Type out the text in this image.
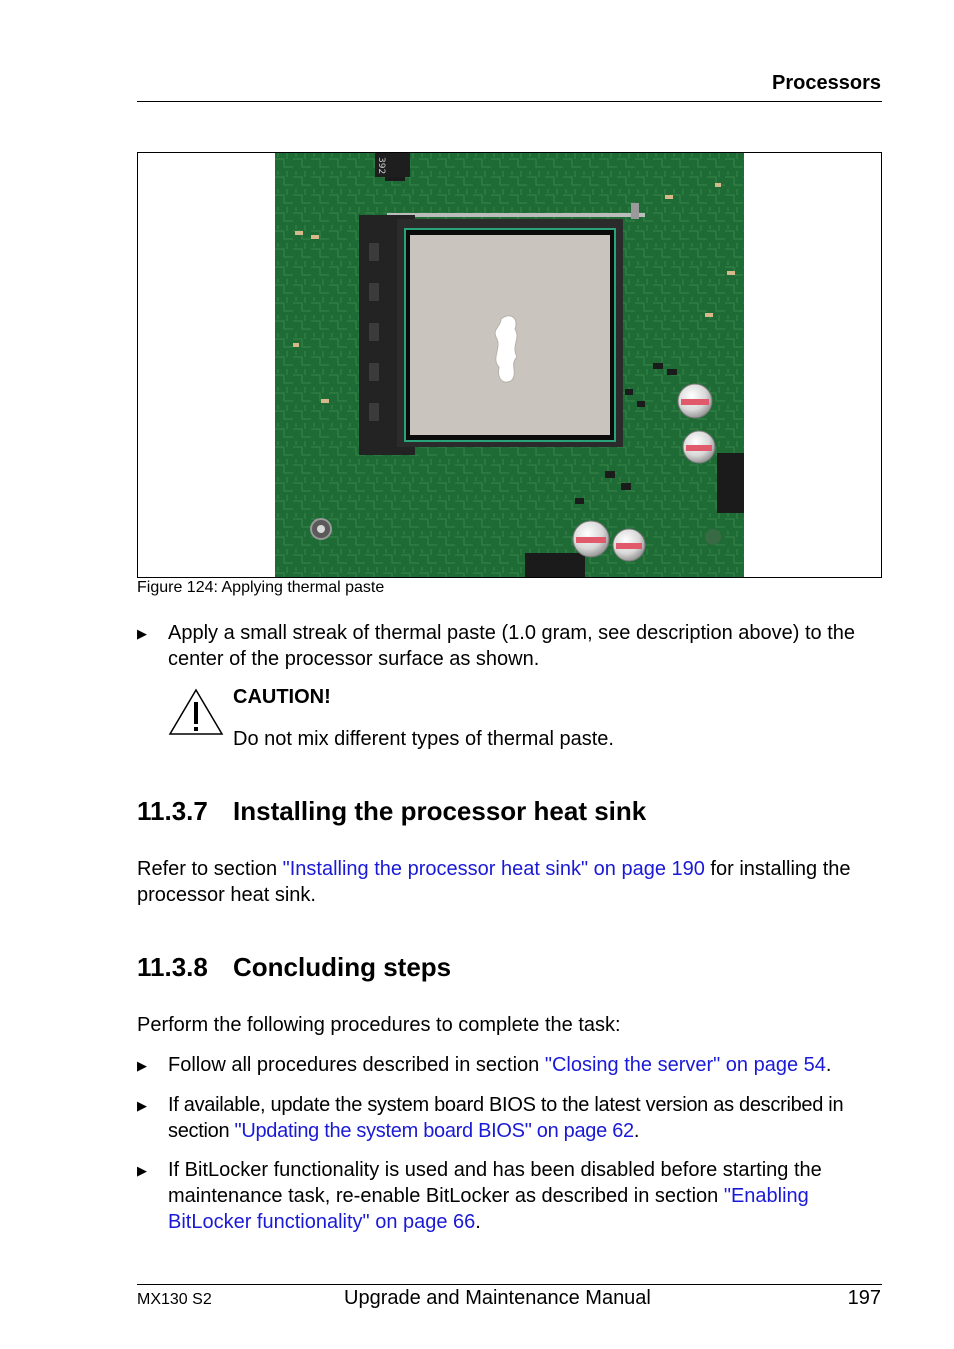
Processors
392
Figure 124: Applying thermal paste
▶ Apply a small streak of thermal paste (1.0 gram, see description above) to the center of the processor surface as shown.
CAUTION!
Do not mix different types of thermal paste.
11.3.7 Installing the processor heat sink
Refer to section "Installing the processor heat sink" on page 190 for installing the processor heat sink.
11.3.8 Concluding steps
Perform the following procedures to complete the task:
▶ Follow all procedures described in section "Closing the server" on page 54.
▶ If available, update the system board BIOS to the latest version as described in section "Updating the system board BIOS" on page 62.
▶ If BitLocker functionality is used and has been disabled before starting the maintenance task, re-enable BitLocker as described in section "Enabling BitLocker functionality" on page 66.
MX130 S2	Upgrade and Maintenance Manual	197
